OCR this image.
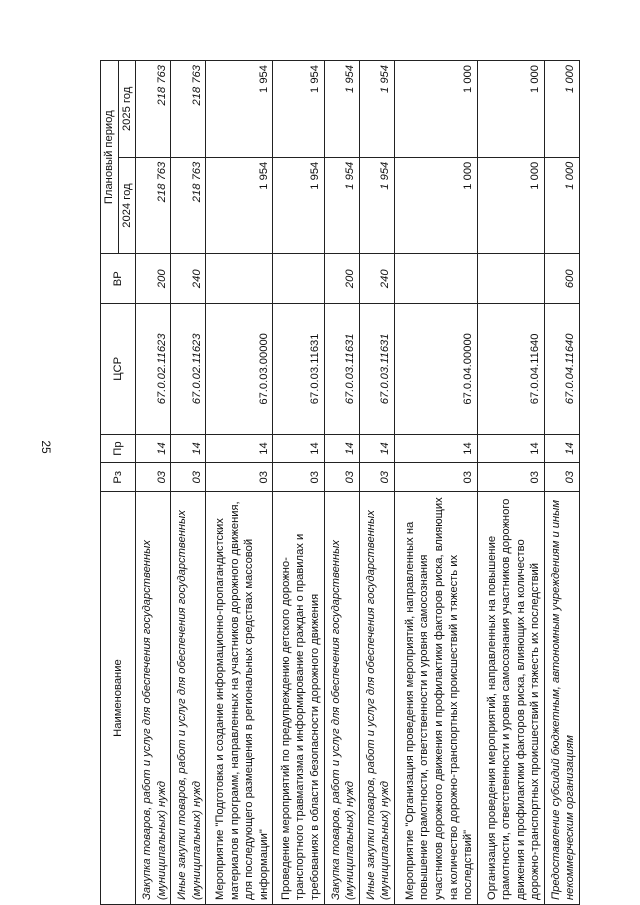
25
Наименование	Рз	Пр	ЦСР	ВР	Плановый период	
					2024 год	2025 год
Закупка товаров, работ и услуг для обеспечения государственных (муниципальных) нужд	03	14	67.0.02.11623	200	218 763	218 763
Иные закупки товаров, работ и услуг для обеспечения государственных (муниципальных) нужд	03	14	67.0.02.11623	240	218 763	218 763
Мероприятие "Подготовка и создание информационно-пропагандистских материалов и программ, направленных на участников дорожного движения, для последующего размещения в региональных средствах массовой информации"	03	14	67.0.03.00000		1 954	1 954
Проведение мероприятий по предупреждению детского дорожно-транспортного травматизма и информирование граждан о правилах и требованиях в области безопасности дорожного движения	03	14	67.0.03.11631		1 954	1 954
Закупка товаров, работ и услуг для обеспечения государственных (муниципальных) нужд	03	14	67.0.03.11631	200	1 954	1 954
Иные закупки товаров, работ и услуг для обеспечения государственных (муниципальных) нужд	03	14	67.0.03.11631	240	1 954	1 954
Мероприятие "Организация проведения мероприятий, направленных на повышение грамотности, ответственности и уровня самосознания участников дорожного движения и профилактики факторов риска, влияющих на количество дорожно-транспортных происшествий и тяжесть их последствий"	03	14	67.0.04.00000		1 000	1 000
Организация проведения мероприятий, направленных на повышение грамотности, ответственности и уровня самосознания участников дорожного движения и профилактики факторов риска, влияющих на количество дорожно-транспортных происшествий и тяжесть их последствий	03	14	67.0.04.11640		1 000	1 000
Предоставление субсидий бюджетным, автономным учреждениям и иным некоммерческим организациям	03	14	67.0.04.11640	600	1 000	1 000
